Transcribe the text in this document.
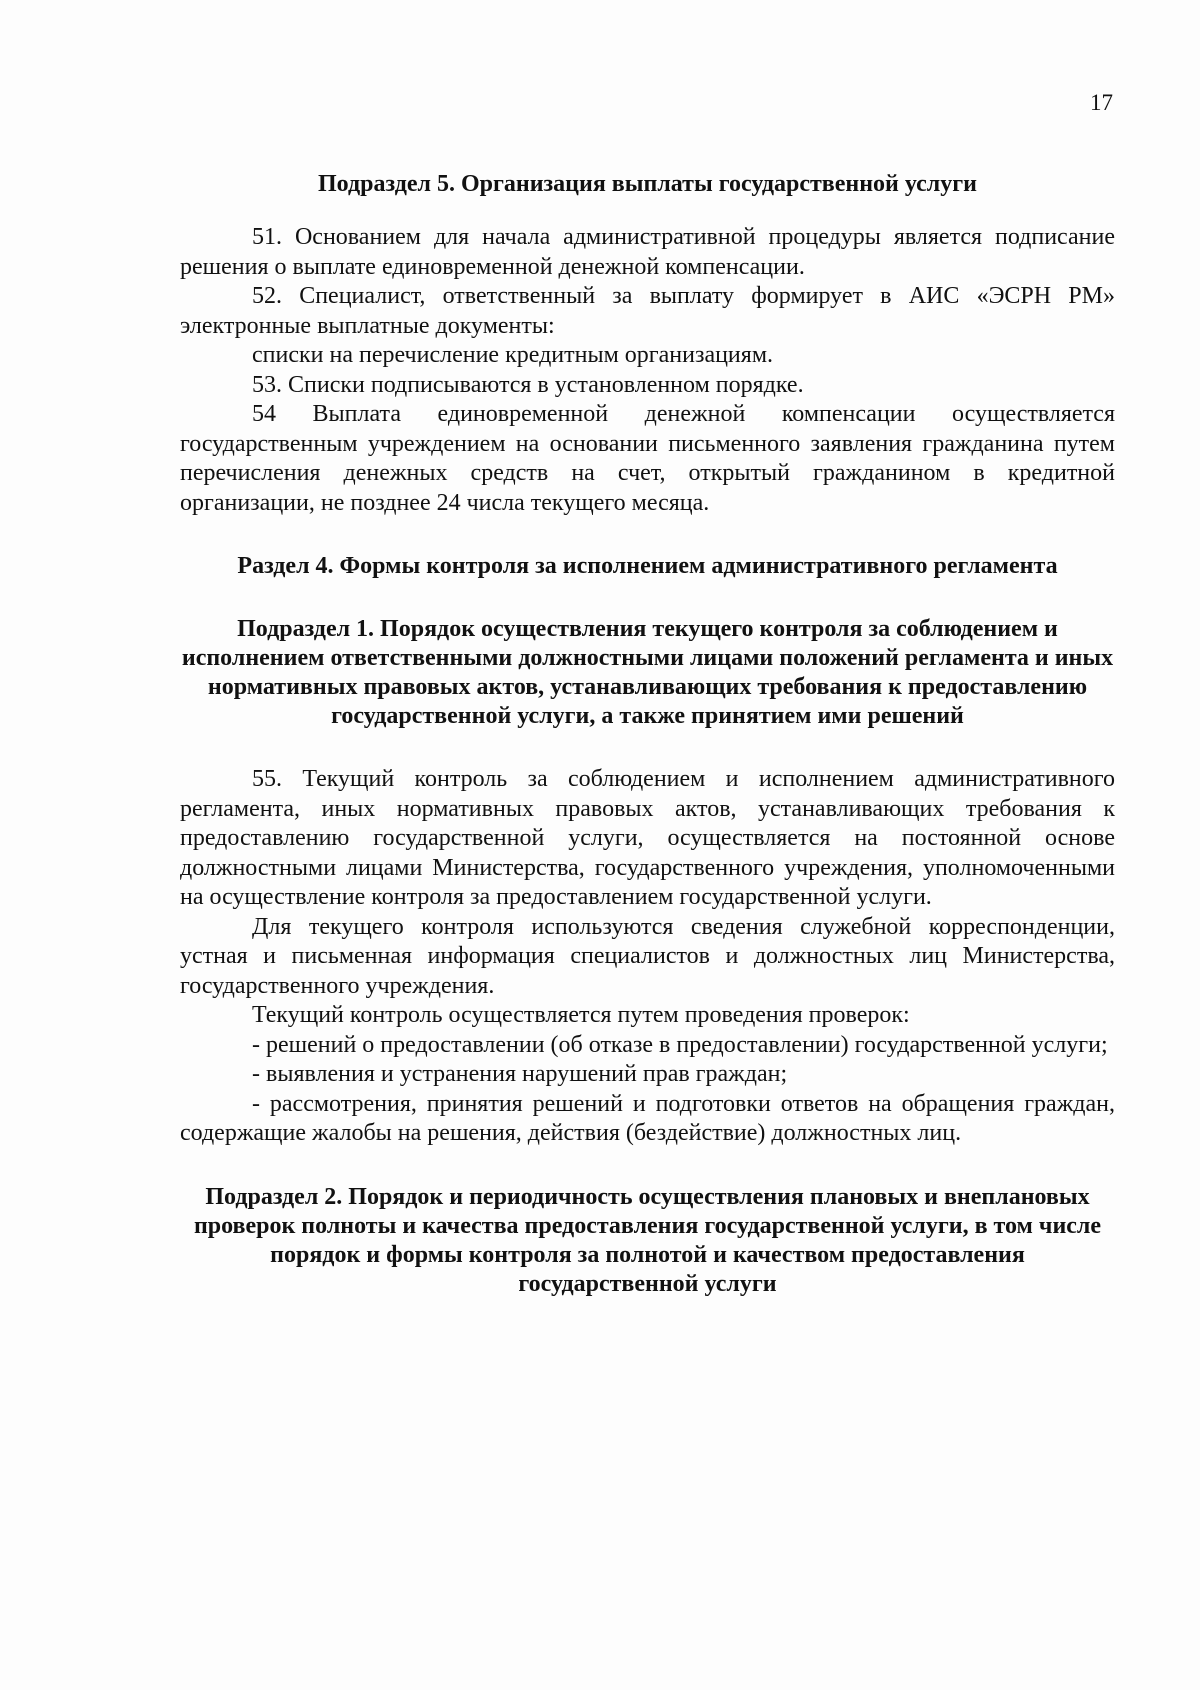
17

Подраздел 5. Организация выплаты государственной услуги

51. Основанием для начала административной процедуры является подписание решения о выплате единовременной денежной компенсации.

52. Специалист, ответственный за выплату формирует в АИС «ЭСРН РМ» электронные выплатные документы:

списки на перечисление кредитным организациям.

53. Списки подписываются в установленном порядке.

54 Выплата единовременной денежной компенсации осуществляется государственным учреждением на основании письменного заявления гражданина путем перечисления денежных средств на счет, открытый гражданином в кредитной организации, не позднее 24 числа текущего месяца.

Раздел 4. Формы контроля за исполнением административного регламента

Подраздел 1. Порядок осуществления текущего контроля за соблюдением и исполнением ответственными должностными лицами положений регламента и иных нормативных правовых актов, устанавливающих требования к предоставлению государственной услуги, а также принятием ими решений

55. Текущий контроль за соблюдением и исполнением административного регламента, иных нормативных правовых актов, устанавливающих требования к предоставлению государственной услуги, осуществляется на постоянной основе должностными лицами Министерства, государственного учреждения, уполномоченными на осуществление контроля за предоставлением государственной услуги.

Для текущего контроля используются сведения служебной корреспонденции, устная и письменная информация специалистов и должностных лиц Министерства, государственного учреждения.

Текущий контроль осуществляется путем проведения проверок:

- решений о предоставлении (об отказе в предоставлении) государственной услуги;

- выявления и устранения нарушений прав граждан;

- рассмотрения, принятия решений и подготовки ответов на обращения граждан, содержащие жалобы на решения, действия (бездействие) должностных лиц.

Подраздел 2. Порядок и периодичность осуществления плановых и внеплановых проверок полноты и качества предоставления государственной услуги, в том числе порядок и формы контроля за полнотой и качеством предоставления государственной услуги
